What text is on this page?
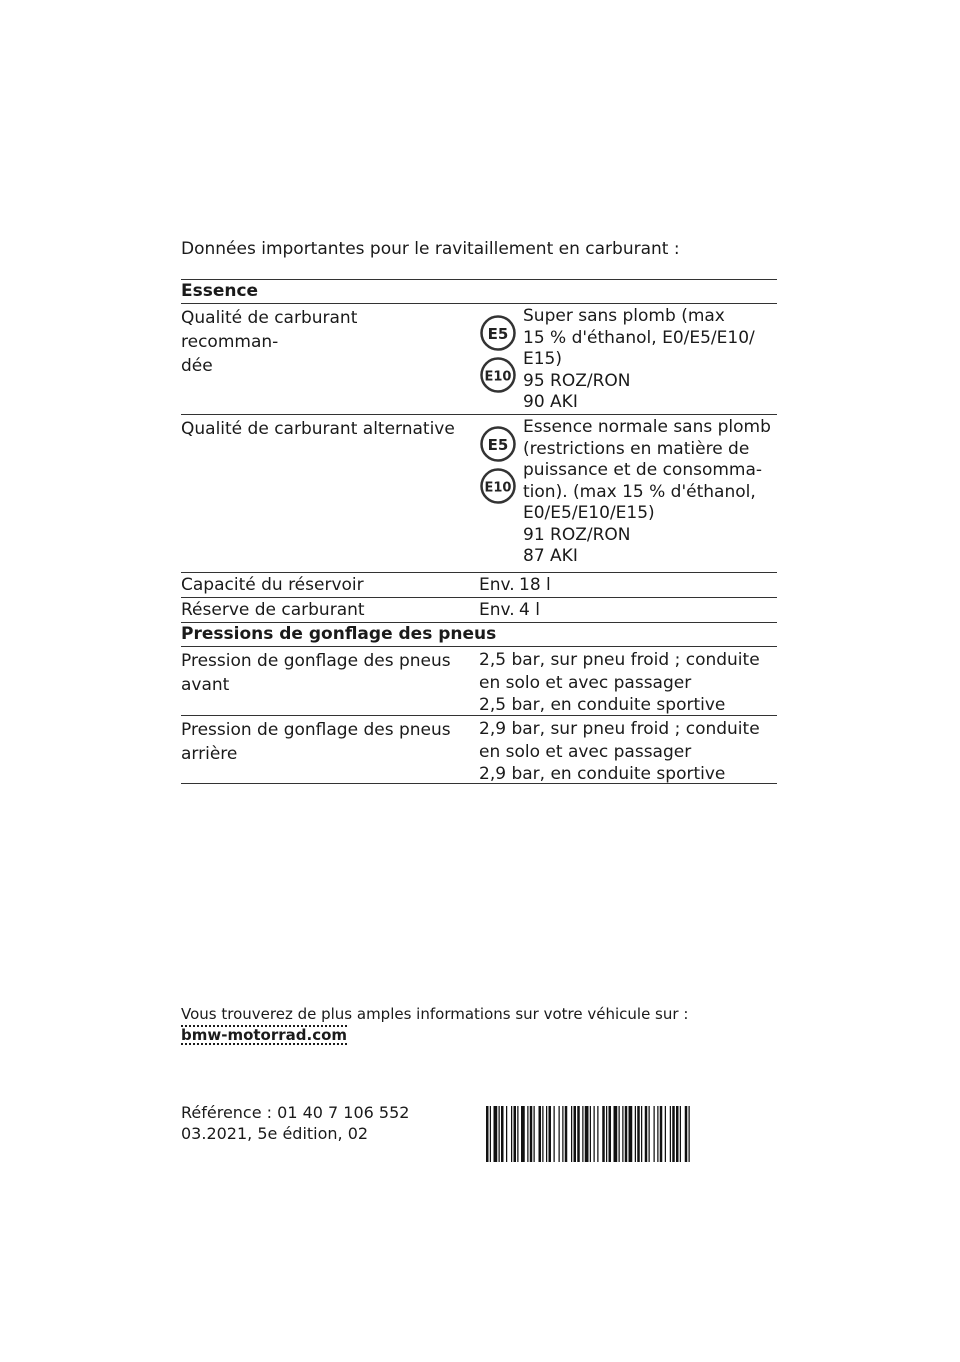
Données importantes pour le ravitaillement en carburant :
Essence
Qualité de carburant recomman-
dée
E5
E10
Super sans plomb (max
15 % d'éthanol, E0/E5/E10/
E15)
95 ROZ/RON
90 AKI
Qualité de carburant alternative
E5
E10
Essence normale sans plomb
(restrictions en matière de
puissance et de consomma-
tion). (max 15 % d'éthanol,
E0/E5/E10/E15)
91 ROZ/RON
87 AKI
Capacité du réservoir	Env. 18 l
Réserve de carburant	Env. 4 l
Pressions de gonflage des pneus
Pression de gonflage des pneus
avant
2,5 bar, sur pneu froid ; conduite
en solo et avec passager
2,5 bar, en conduite sportive
Pression de gonflage des pneus
arrière
2,9 bar, sur pneu froid ; conduite
en solo et avec passager
2,9 bar, en conduite sportive
Vous trouverez de plus amples informations sur votre véhicule sur :
bmw-motorrad.com
Référence : 01 40 7 106 552
03.2021, 5e édition, 02
